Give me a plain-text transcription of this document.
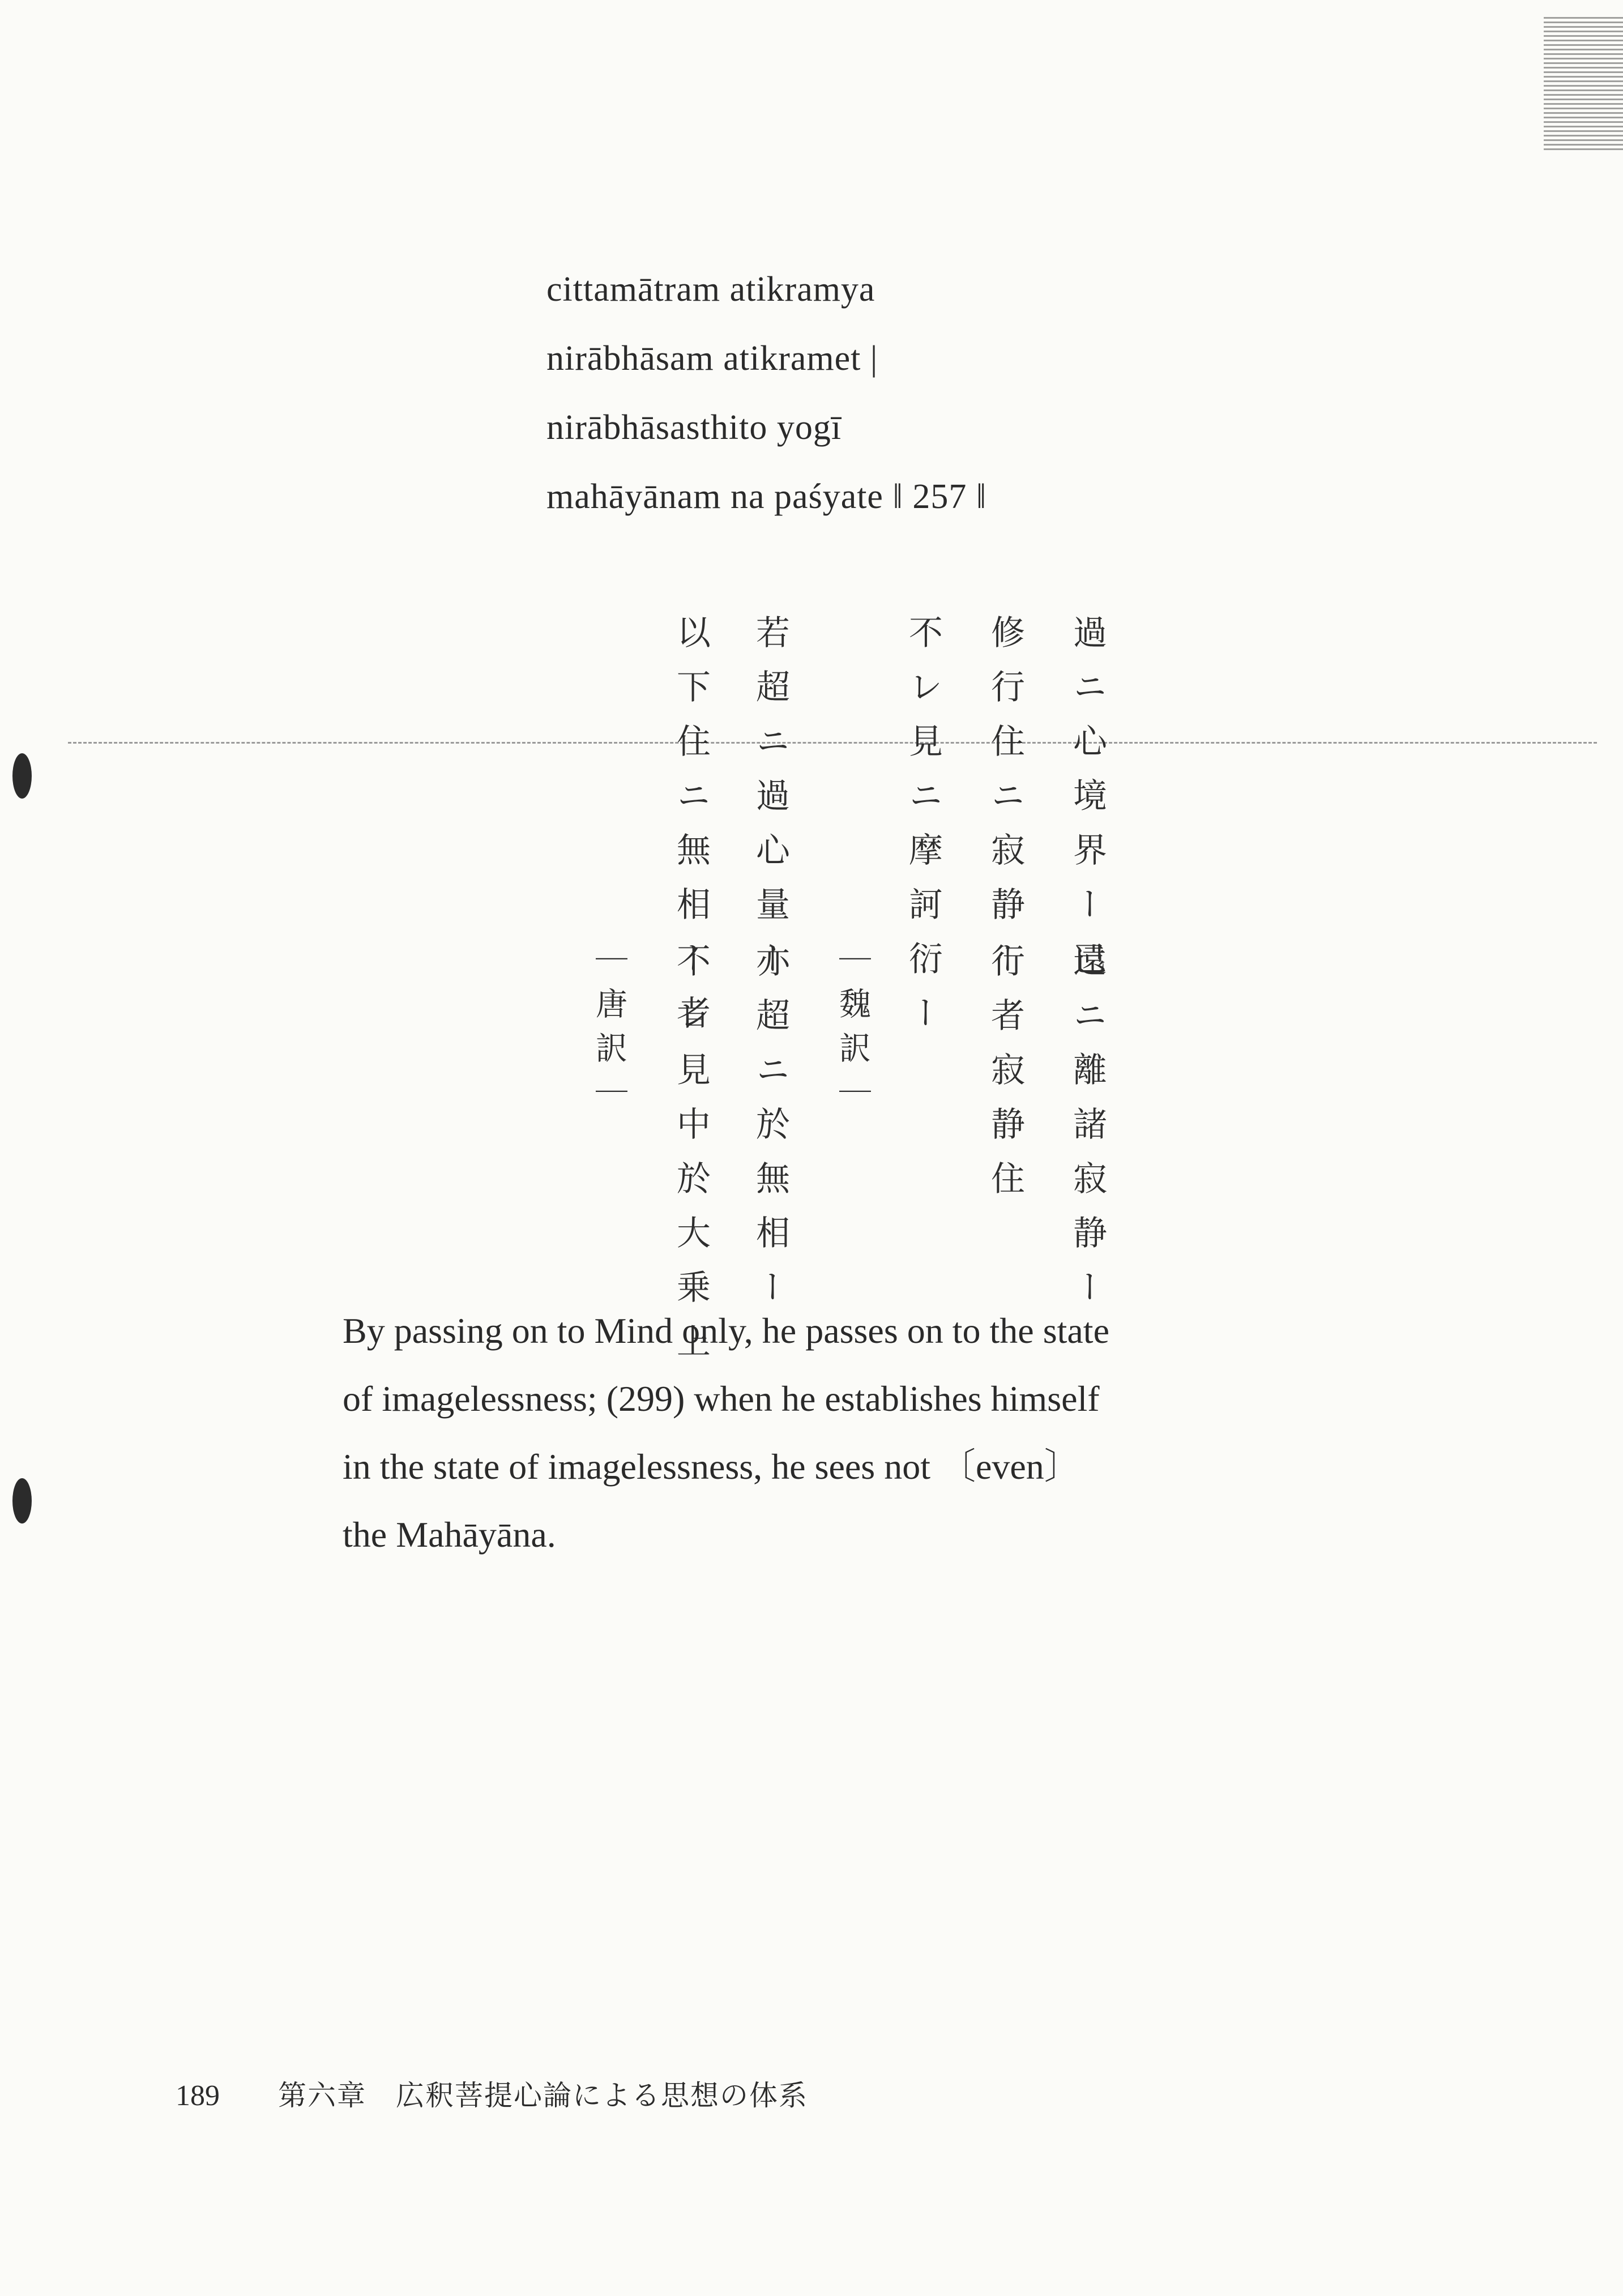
cittamātram atikramya
nirābhāsam atikramet |
nirābhāsasthito yogī
mahāyānam na paśyate ‖ 257 ‖
過ニ心境界ー已
修行住ニ寂静ー
不レ見ニ摩訶衍ー
若超ニ過心量ー
以下住ニ無相ー者
遠ニ離諸寂静ー
行者寂静住
｜魏訳｜
亦超ニ於無相ー
不レ見中於大乗上
｜唐訳｜

By passing on to Mind only, he passes on to the state

of imagelessness; (299) when he establishes himself

in the state of imagelessness, he sees not 〔even〕

the Mahāyāna.

189 第六章　広釈菩提心論による思想の体系
